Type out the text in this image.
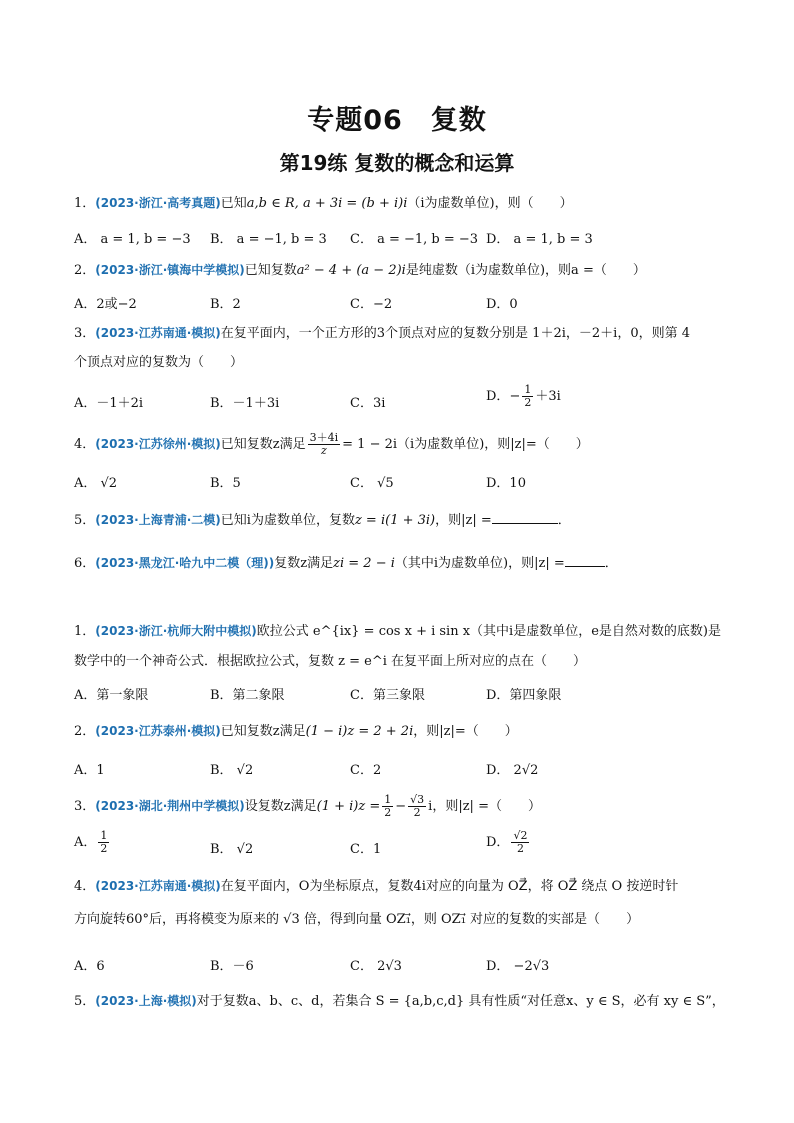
专题06　复数
第19练 复数的概念和运算
1．(2023·浙江·高考真题)已知a,b ∈ R, a + 3i = (b + i)i（i为虚数单位)，则（　　）
A． a = 1, b = −3 B． a = −1, b = 3 C． a = −1, b = −3 D． a = 1, b = 3
2．(2023·浙江·镇海中学模拟)已知复数a² − 4 + (a − 2)i是纯虚数（i为虚数单位)，则a =（　　）
A．2或−2	B．2	C．−2	D．0
3．(2023·江苏南通·模拟)在复平面内，一个正方形的3个顶点对应的复数分别是 1＋2i，－2＋i，0，则第 4
个顶点对应的复数为（　　）
A．－1＋2i	B．－1＋3i	C．3i	D．− $\frac{1}{2} +3i$
4．(2023·江苏徐州·模拟)已知复数z满足 $\frac{3+4i}{z} = 1 - 2i(i$为虚数单位)，则|z|=（　　）
A． √2	B．5	C． √5	D．10
5．(2023·上海青浦·二模)已知i为虚数单位，复数z = i(1 + 3i)，则|z| =	．
6．(2023·黑龙江·哈九中二模（理))复数z满足zi = 2 − i（其中i为虚数单位)，则|z| =	．
1．(2023·浙江·杭师大附中模拟)欧拉公式 e^{ix} = cos x + i sin x（其中i是虚数单位，e是自然对数的底数)是
数学中的一个神奇公式．根据欧拉公式，复数 z = e^i 在复平面上所对应的点在（　　）
A．第一象限	B．第二象限	C．第三象限	D．第四象限
2．(2023·江苏泰州·模拟)已知复数z满足(1 − i)z = 2 + 2i，则|z|=（　　）
A．1	B． √2	C．2	D． 2√2
3．(2023·湖北·荆州中学模拟)设复数z满足$(1 + i)z = \frac{1}{2} - \frac{√3}{2}$ i，则|z| =（　　）
A． $\frac{1}{2}$	B． √2	C．1	D． $\frac{√2}{2}$
4．(2023·江苏南通·模拟)在复平面内，O为坐标原点，复数4i对应的向量为 OZ⃗，将 OZ⃗ 绕点 O 按逆时针
方向旋转60°后，再将模变为原来的 √3 倍，得到向量 OZ₁⃗，则 OZ₁⃗ 对应的复数的实部是（　　）
A．6	B．－6	C． 2√3	D． −2√3
5．(2023·上海·模拟)对于复数a、b、c、d，若集合 S = {a,b,c,d} 具有性质“对任意x、y ∈ S，必有 xy ∈ S”，
